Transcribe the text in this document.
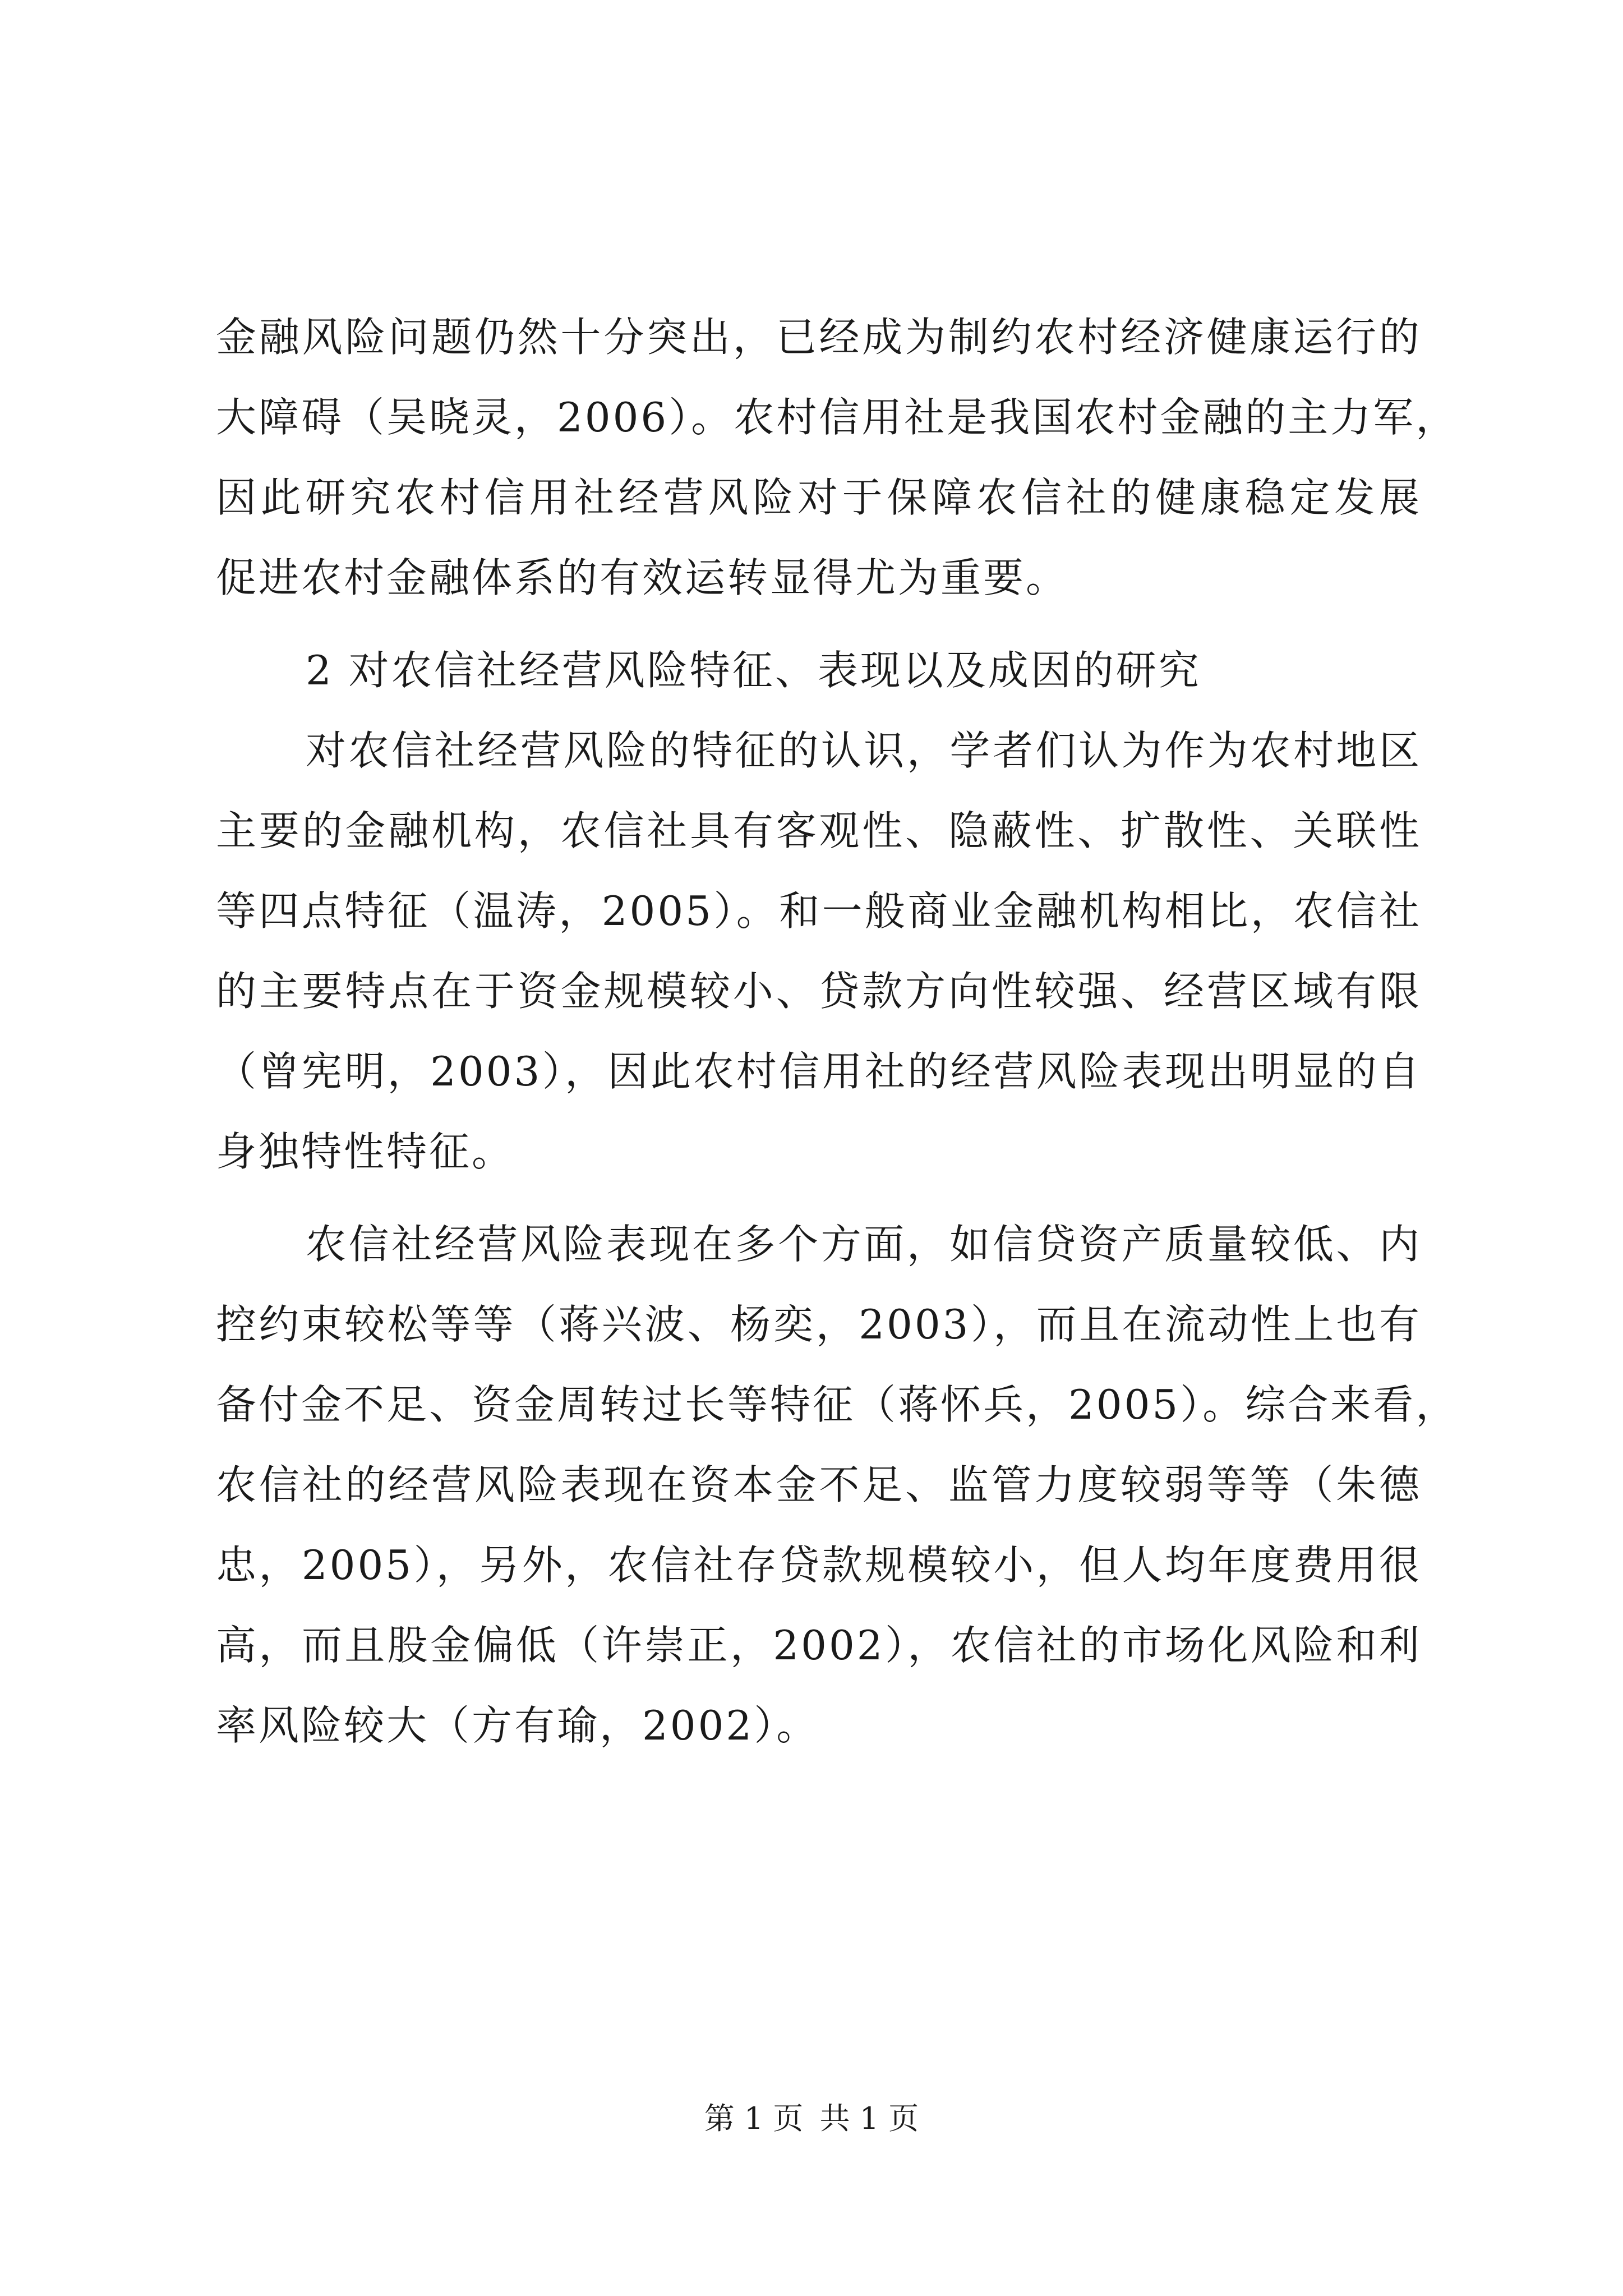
金融风险问题仍然十分突出，已经成为制约农村经济健康运行的
大障碍（吴晓灵，2006）。农村信用社是我国农村金融的主力军，
因此研究农村信用社经营风险对于保障农信社的健康稳定发展
促进农村金融体系的有效运转显得尤为重要。
2 对农信社经营风险特征、表现以及成因的研究
对农信社经营风险的特征的认识，学者们认为作为农村地区
主要的金融机构，农信社具有客观性、隐蔽性、扩散性、关联性
等四点特征（温涛，2005）。和一般商业金融机构相比，农信社
的主要特点在于资金规模较小、贷款方向性较强、经营区域有限
（曾宪明，2003），因此农村信用社的经营风险表现出明显的自
身独特性特征。
农信社经营风险表现在多个方面，如信贷资产质量较低、内
控约束较松等等（蒋兴波、杨奕，2003），而且在流动性上也有
备付金不足、资金周转过长等特征（蒋怀兵，2005）。综合来看，
农信社的经营风险表现在资本金不足、监管力度较弱等等（朱德
忠，2005），另外，农信社存贷款规模较小，但人均年度费用很
高，而且股金偏低（许崇正，2002），农信社的市场化风险和利
率风险较大（方有瑜，2002）。
第 1 页 共 1 页
